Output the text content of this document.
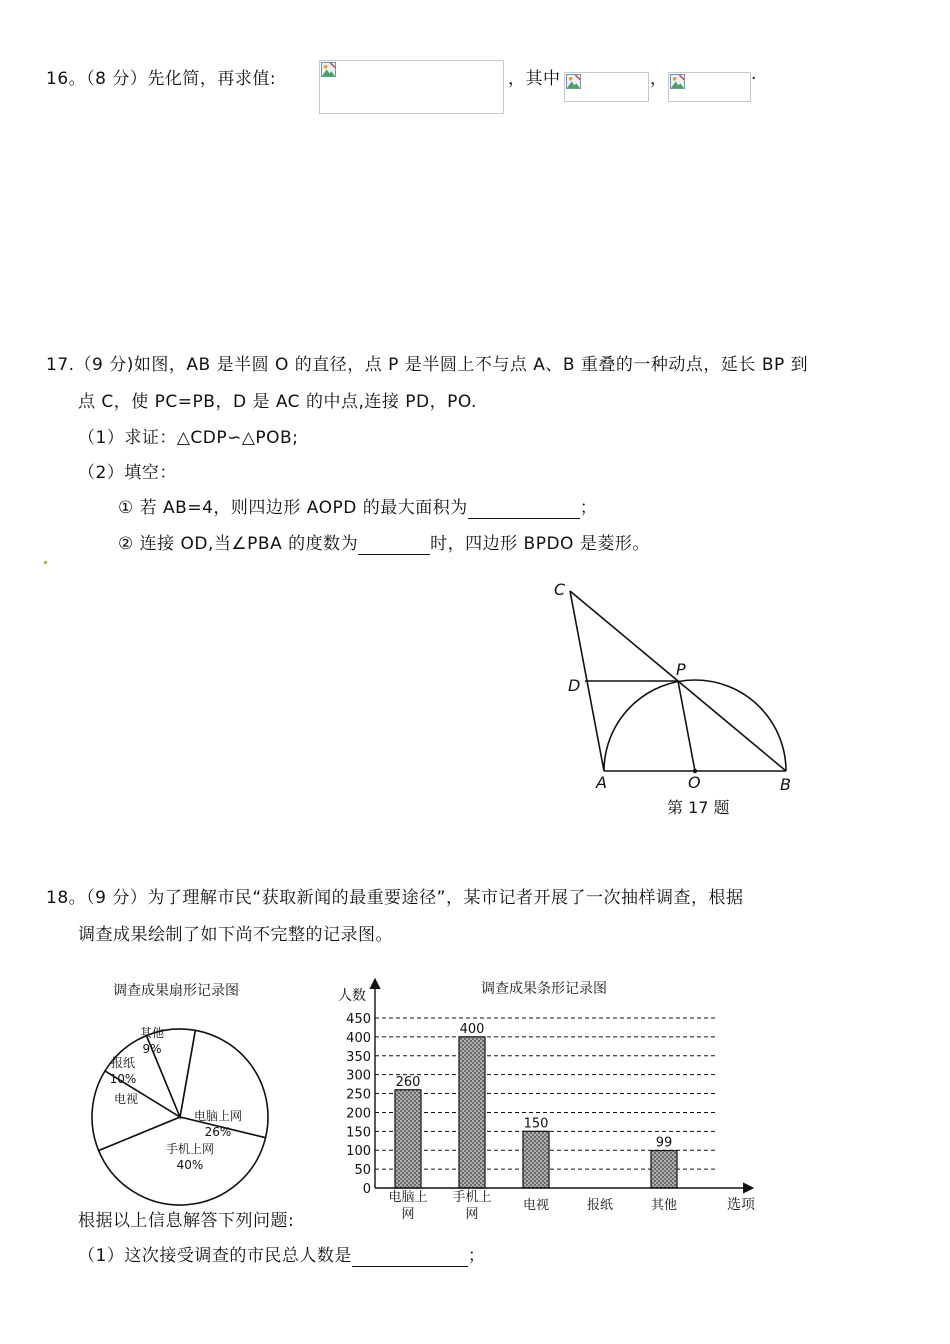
16。（8 分）先化简，再求值:	，其中	，	.
17.（9 分)如图，AB 是半圆 O 的直径，点 P 是半圆上不与点 A、B 重叠的一种动点，延长 BP 到
点 C，使 PC=PB，D 是 AC 的中点,连接 PD，PO.
（1）求证：△CDP∽△POB;
（2）填空：
① 若 AB=4，则四边形 AOPD 的最大面积为	；
② 连接 OD,当∠PBA 的度数为	时，四边形 BPDO 是菱形。
C
D
P
A	O	B
第 17 题
18。（9 分）为了理解市民“获取新闻的最重要途径”，某市记者开展了一次抽样调查，根据
调查成果绘制了如下尚不完整的记录图。
调查成果扇形记录图
电脑上网
26%
手机上网
40%
电视
报纸
10%
其他
9%
调查成果条形记录图
人数
0
50
100
150
200
250
300
350
400
450
260
400
150
99
电脑上
网
手机上
网
电视	报纸	其他	选项
根据以上信息解答下列问题:
（1）这次接受调查的市民总人数是	；
